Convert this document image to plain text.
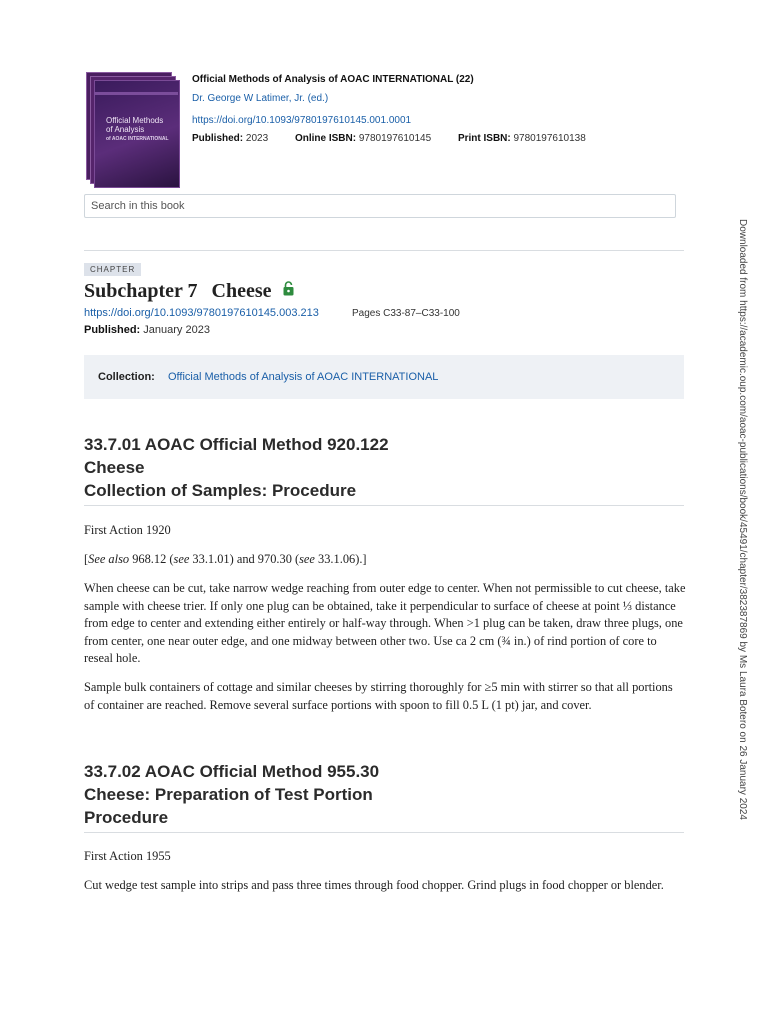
Official Methods
of Analysis
of AOAC INTERNATIONAL
Official Methods of Analysis of AOAC INTERNATIONAL (22)
Dr. George W Latimer, Jr. (ed.)
https://doi.org/10.1093/9780197610145.001.0001
Published: 2023	Online ISBN: 9780197610145	Print ISBN: 9780197610138
Search in this book
CHAPTER
Subchapter 7 Cheese
https://doi.org/10.1093/9780197610145.003.213	Pages C33-87–C33-100
Published: January 2023
Collection: Official Methods of Analysis of AOAC INTERNATIONAL
33.7.01 AOAC Official Method 920.122
Cheese
Collection of Samples: Procedure
First Action 1920
[See also 968.12 (see 33.1.01) and 970.30 (see 33.1.06).]
When cheese can be cut, take narrow wedge reaching from outer edge to center. When not permissible to cut cheese, take sample with cheese trier. If only one plug can be obtained, take it perpendicular to surface of cheese at point ⅓ distance from edge to center and extending either entirely or half-way through. When >1 plug can be taken, draw three plugs, one from center, one near outer edge, and one midway between other two. Use ca 2 cm (¾ in.) of rind portion of core to reseal hole.
Sample bulk containers of cottage and similar cheeses by stirring thoroughly for ≥5 min with stirrer so that all portions of container are reached. Remove several surface portions with spoon to fill 0.5 L (1 pt) jar, and cover.
33.7.02 AOAC Official Method 955.30
Cheese: Preparation of Test Portion
Procedure
First Action 1955
Cut wedge test sample into strips and pass three times through food chopper. Grind plugs in food chopper or blender.
Downloaded from https://academic.oup.com/aoac-publications/book/45491/chapter/382387869 by Ms Laura Botero on 26 January 2024
